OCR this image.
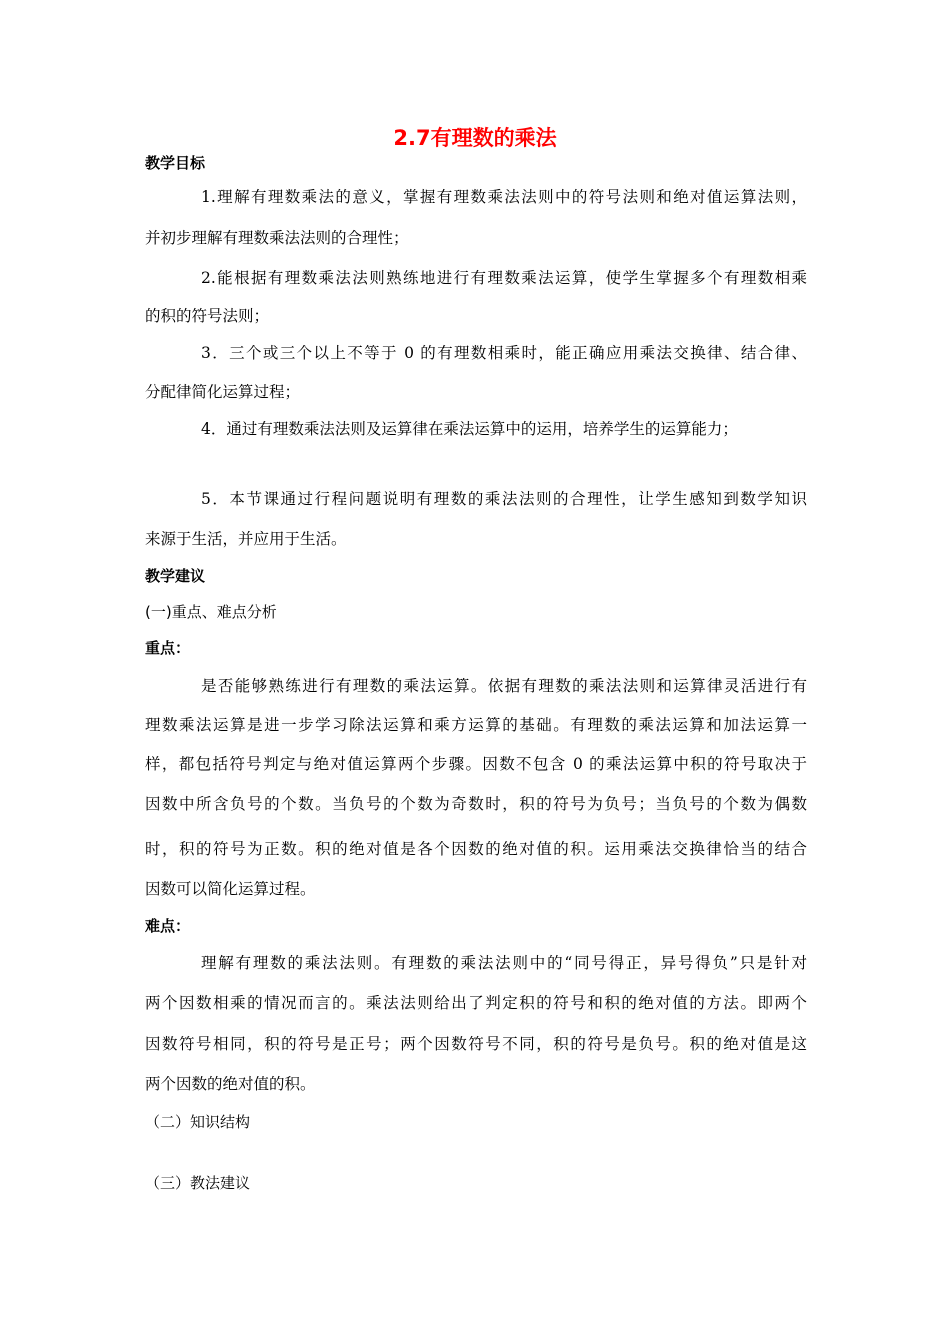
2.7有理数的乘法
教学目标
1.理解有理数乘法的意义，掌握有理数乘法法则中的符号法则和绝对值运算法则，
并初步理解有理数乘法法则的合理性；
2.能根据有理数乘法法则熟练地进行有理数乘法运算，使学生掌握多个有理数相乘
的积的符号法则；
3．三个或三个以上不等于 0 的有理数相乘时，能正确应用乘法交换律、结合律、
分配律简化运算过程；
4．通过有理数乘法法则及运算律在乘法运算中的运用，培养学生的运算能力；
5．本节课通过行程问题说明有理数的乘法法则的合理性，让学生感知到数学知识
来源于生活，并应用于生活。
教学建议
(一)重点、难点分析
重点：
是否能够熟练进行有理数的乘法运算。依据有理数的乘法法则和运算律灵活进行有
理数乘法运算是进一步学习除法运算和乘方运算的基础。有理数的乘法运算和加法运算一
样，都包括符号判定与绝对值运算两个步骤。因数不包含 0 的乘法运算中积的符号取决于
因数中所含负号的个数。当负号的个数为奇数时，积的符号为负号；当负号的个数为偶数
时，积的符号为正数。积的绝对值是各个因数的绝对值的积。运用乘法交换律恰当的结合
因数可以简化运算过程。
难点：
理解有理数的乘法法则。有理数的乘法法则中的“同号得正，异号得负”只是针对
两个因数相乘的情况而言的。乘法法则给出了判定积的符号和积的绝对值的方法。即两个
因数符号相同，积的符号是正号；两个因数符号不同，积的符号是负号。积的绝对值是这
两个因数的绝对值的积。
（二）知识结构
（三）教法建议
